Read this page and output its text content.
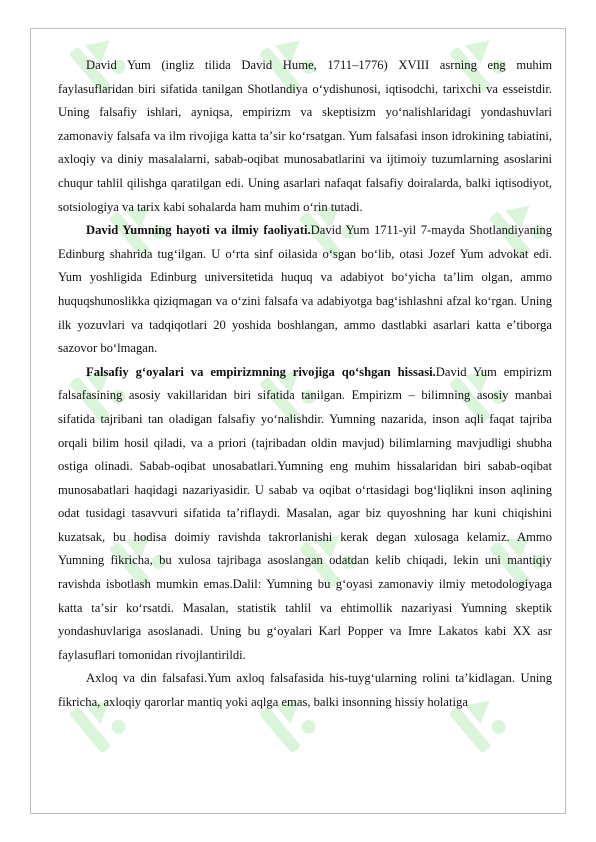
David Yum (ingliz tilida David Hume, 1711–1776) XVIII asrning eng muhim faylasuflaridan biri sifatida tanilgan Shotlandiya oʻydishunosi, iqtisodchi, tarixchi va esseistdir. Uning falsafiy ishlari, ayniqsa, empirizm va skeptisizm yoʻnalishlaridagi yondashuvlari zamonaviy falsafa va ilm rivojiga katta taʼsir koʻrsatgan. Yum falsafasi inson idrokining tabiatini, axloqiy va diniy masalalarni, sabab-oqibat munosabatlarini va ijtimoiy tuzumlarning asoslarini chuqur tahlil qilishga qaratilgan edi. Uning asarlari nafaqat falsafiy doiralarda, balki iqtisodiyot, sotsiologiya va tarix kabi sohalarda ham muhim oʻrin tutadi.

David Yumning hayoti va ilmiy faoliyati.David Yum 1711-yil 7-mayda Shotlandiyaning Edinburg shahrida tugʻilgan. U oʻrta sinf oilasida oʻsgan boʻlib, otasi Jozef Yum advokat edi. Yum yoshligida Edinburg universitetida huquq va adabiyot boʻyicha taʼlim olgan, ammo huquqshunoslikka qiziqmagan va oʻzini falsafa va adabiyotga bagʻishlashni afzal koʻrgan. Uning ilk yozuvlari va tadqiqotlari 20 yoshida boshlangan, ammo dastlabki asarlari katta eʼtiborga sazovor boʻlmagan.

Falsafiy gʻoyalari va empirizmning rivojiga qoʻshgan hissasi.David Yum empirizm falsafasining asosiy vakillaridan biri sifatida tanilgan. Empirizm – bilimning asosiy manbai sifatida tajribani tan oladigan falsafiy yoʻnalishdir. Yumning nazarida, inson aqli faqat tajriba orqali bilim hosil qiladi, va a priori (tajribadan oldin mavjud) bilimlarning mavjudligi shubha ostiga olinadi. Sabab-oqibat unosabatlari.Yumning eng muhim hissalaridan biri sabab-oqibat munosabatlari haqidagi nazariyasidir. U sabab va oqibat oʻrtasidagi bogʻliqlikni inson aqlining odat tusidagi tasavvuri sifatida taʼriflaydi. Masalan, agar biz quyoshning har kuni chiqishini kuzatsak, bu hodisa doimiy ravishda takrorlanishi kerak degan xulosaga kelamiz. Ammo Yumning fikricha, bu xulosa tajribaga asoslangan odatdan kelib chiqadi, lekin uni mantiqiy ravishda isbotlash mumkin emas.Dalil: Yumning bu gʻoyasi zamonaviy ilmiy metodologiyaga katta taʼsir koʻrsatdi. Masalan, statistik tahlil va ehtimollik nazariyasi Yumning skeptik yondashuvlariga asoslanadi. Uning bu gʻoyalari Karl Popper va Imre Lakatos kabi XX asr faylasuflari tomonidan rivojlantirildi.

Axloq va din falsafasi.Yum axloq falsafasida his-tuygʻularning rolini taʼkidlagan. Uning fikricha, axloqiy qarorlar mantiq yoki aqlga emas, balki insonning hissiy holatiga
